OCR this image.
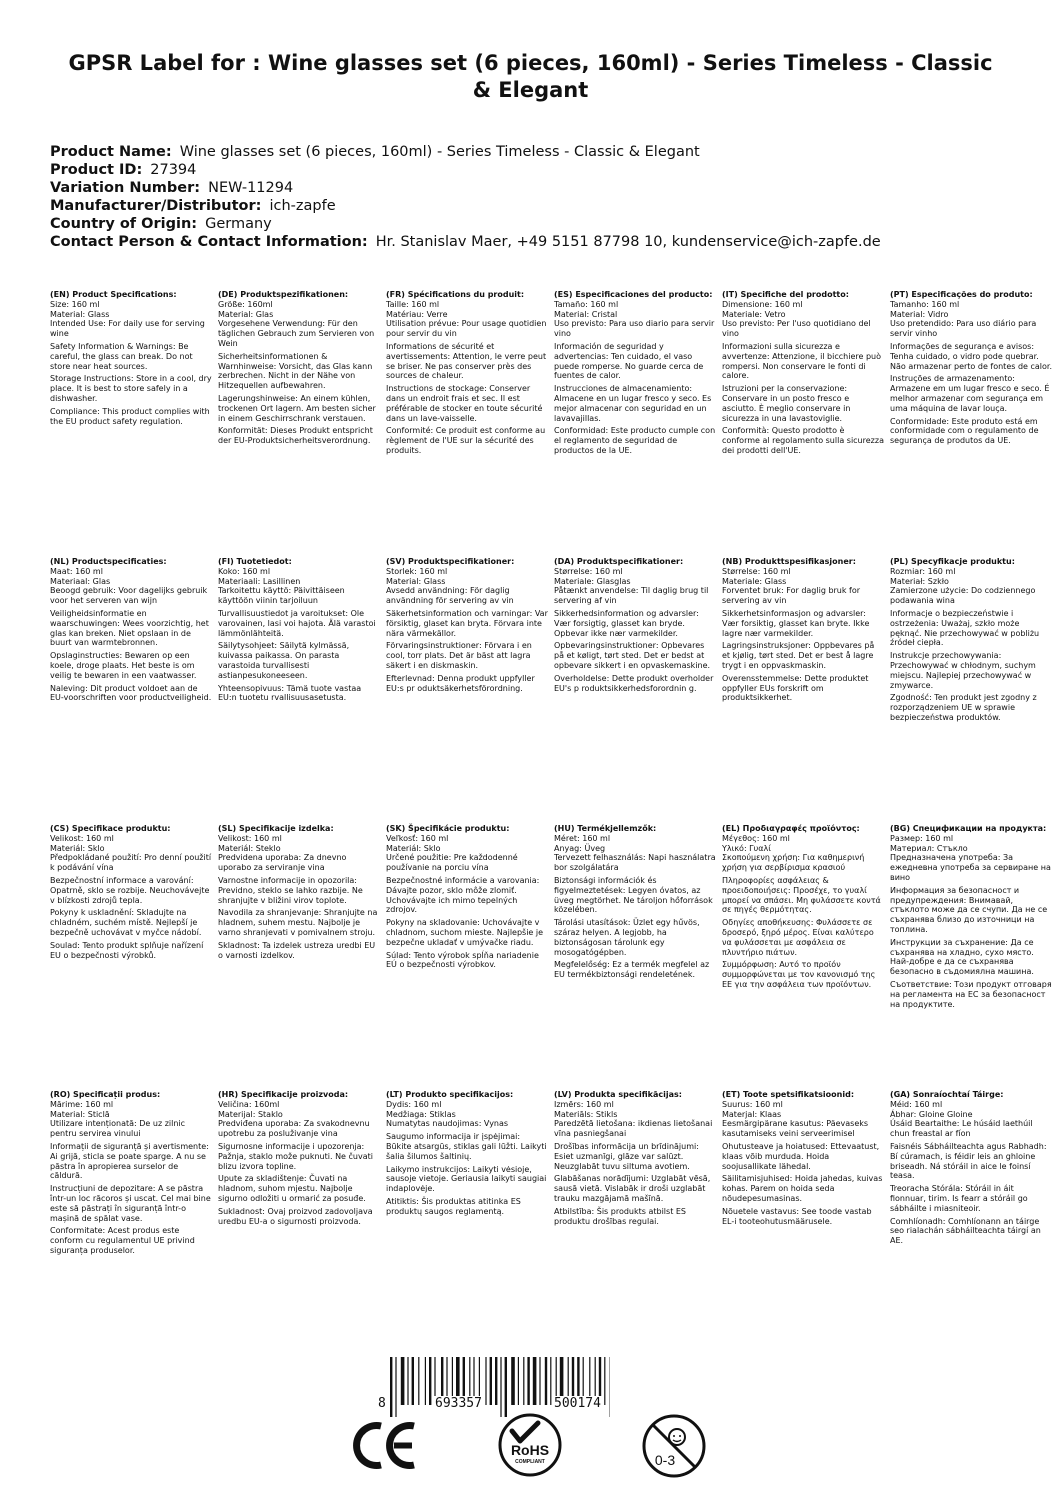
GPSR Label for : Wine glasses set (6 pieces, 160ml) - Series Timeless - Classic & Elegant
Product Name: Wine glasses set (6 pieces, 160ml) - Series Timeless - Classic & Elegant
Product ID: 27394
Variation Number: NEW-11294
Manufacturer/Distributor: ich-zapfe
Country of Origin: Germany
Contact Person & Contact Information: Hr. Stanislav Maer, +49 5151 87798 10, kundenservice@ich-zapfe.de
(EN) Product Specifications:

Size: 160 ml

Material: Glass

Intended Use: For daily use for serving wine

Safety Information & Warnings: Be careful, the glass can break. Do not store near heat sources.

Storage Instructions: Store in a cool, dry place. It is best to store safely in a dishwasher.

Compliance: This product complies with the EU product safety regulation.

(DE) Produktspezifikationen:

Größe: 160ml

Material: Glas

Vorgesehene Verwendung: Für den täglichen Gebrauch zum Servieren von Wein

Sicherheitsinformationen & Warnhinweise: Vorsicht, das Glas kann zerbrechen. Nicht in der Nähe von Hitzequellen aufbewahren.

Lagerungshinweise: An einem kühlen, trockenen Ort lagern. Am besten sicher in einem Geschirrschrank verstauen.

Konformität: Dieses Produkt entspricht der EU-Produktsicherheitsverordnung.

(FR) Spécifications du produit:

Taille: 160 ml

Matériau: Verre

Utilisation prévue: Pour usage quotidien pour servir du vin

Informations de sécurité et avertissements: Attention, le verre peut se briser. Ne pas conserver près des sources de chaleur.

Instructions de stockage: Conserver dans un endroit frais et sec. Il est préférable de stocker en toute sécurité dans un lave-vaisselle.

Conformité: Ce produit est conforme au règlement de l'UE sur la sécurité des produits.

(ES) Especificaciones del producto:

Tamaño: 160 ml

Material: Cristal

Uso previsto: Para uso diario para servir vino

Información de seguridad y advertencias: Ten cuidado, el vaso puede romperse. No guarde cerca de fuentes de calor.

Instrucciones de almacenamiento: Almacene en un lugar fresco y seco. Es mejor almacenar con seguridad en un lavavajillas.

Conformidad: Este producto cumple con el reglamento de seguridad de productos de la UE.

(IT) Specifiche del prodotto:

Dimensione: 160 ml

Materiale: Vetro

Uso previsto: Per l'uso quotidiano del vino

Informazioni sulla sicurezza e avvertenze: Attenzione, il bicchiere può rompersi. Non conservare le fonti di calore.

Istruzioni per la conservazione: Conservare in un posto fresco e asciutto. È meglio conservare in sicurezza in una lavastoviglie.

Conformità: Questo prodotto è conforme al regolamento sulla sicurezza dei prodotti dell'UE.

(PT) Especificações do produto:

Tamanho: 160 ml

Material: Vidro

Uso pretendido: Para uso diário para servir vinho

Informações de segurança e avisos: Tenha cuidado, o vidro pode quebrar. Não armazenar perto de fontes de calor.

Instruções de armazenamento: Armazene em um lugar fresco e seco. É melhor armazenar com segurança em uma máquina de lavar louça.

Conformidade: Este produto está em conformidade com o regulamento de segurança de produtos da UE.

(NL) Productspecificaties:

Maat: 160 ml

Materiaal: Glas

Beoogd gebruik: Voor dagelijks gebruik voor het serveren van wijn

Veiligheidsinformatie en waarschuwingen: Wees voorzichtig, het glas kan breken. Niet opslaan in de buurt van warmtebronnen.

Opslaginstructies: Bewaren op een koele, droge plaats. Het beste is om veilig te bewaren in een vaatwasser.

Naleving: Dit product voldoet aan de EU-voorschriften voor productveiligheid.

(FI) Tuotetiedot:

Koko: 160 ml

Materiaali: Lasillinen

Tarkoitettu käyttö: Päivittäiseen käyttöön viinin tarjoiluun

Turvallisuustiedot ja varoitukset: Ole varovainen, lasi voi hajota. Älä varastoi lämmönlähteitä.

Säilytysohjeet: Säilytä kylmässä, kuivassa paikassa. On parasta varastoida turvallisesti astianpesukoneeseen.

Yhteensopivuus: Tämä tuote vastaa EU:n tuotetu rvallisuusasetusta.

(SV) Produktspecifikationer:

Storlek: 160 ml

Material: Glass

Avsedd användning: För daglig användning för servering av vin

Säkerhetsinformation och varningar: Var försiktig, glaset kan bryta. Förvara inte nära värmekällor.

Förvaringsinstruktioner: Förvara i en cool, torr plats. Det är bäst att lagra säkert i en diskmaskin.

Efterlevnad: Denna produkt uppfyller EU:s pr oduktsäkerhetsförordning.

(DA) Produktspecifikationer:

Størrelse: 160 ml

Materiale: Glasglas

Påtænkt anvendelse: Til daglig brug til servering af vin

Sikkerhedsinformation og advarsler: Vær forsigtig, glasset kan bryde. Opbevar ikke nær varmekilder.

Opbevaringsinstruktioner: Opbevares på et køligt, tørt sted. Det er bedst at opbevare sikkert i en opvaskemaskine.

Overholdelse: Dette produkt overholder EU's p roduktsikkerhedsforordnin g.

(NB) Produkttspesifikasjoner:

Størrelse: 160 ml

Materiale: Glass

Forventet bruk: For daglig bruk for servering av vin

Sikkerhetsinformasjon og advarsler: Vær forsiktig, glasset kan bryte. Ikke lagre nær varmekilder.

Lagringsinstruksjoner: Oppbevares på et kjølig, tørt sted. Det er best å lagre trygt i en oppvaskmaskin.

Overensstemmelse: Dette produktet oppfyller EUs forskrift om produktsikkerhet.

(PL) Specyfikacje produktu:

Rozmiar: 160 ml

Materiał: Szkło

Zamierzone użycie: Do codziennego podawania wina

Informacje o bezpieczeństwie i ostrzeżenia: Uważaj, szkło może pęknąć. Nie przechowywać w pobliżu źródeł ciepła.

Instrukcje przechowywania: Przechowywać w chłodnym, suchym miejscu. Najlepiej przechowywać w zmywarce.

Zgodność: Ten produkt jest zgodny z rozporządzeniem UE w sprawie bezpieczeństwa produktów.

(CS) Specifikace produktu:

Velikost: 160 ml

Materiál: Sklo

Předpokládané použití: Pro denní použití k podávání vína

Bezpečnostní informace a varování: Opatrně, sklo se rozbije. Neuchovávejte v blízkosti zdrojů tepla.

Pokyny k uskladnění: Skladujte na chladném, suchém místě. Nejlepší je bezpečně uchovávat v myčce nádobí.

Soulad: Tento produkt splňuje nařízení EU o bezpečnosti výrobků.

(SL) Specifikacije izdelka:

Velikost: 160 ml

Materiál: Steklo

Predvidena uporaba: Za dnevno uporabo za serviranje vina

Varnostne informacije in opozorila: Previdno, steklo se lahko razbije. Ne shranjujte v bližini virov toplote.

Navodila za shranjevanje: Shranjujte na hladnem, suhem mestu. Najbolje je varno shranjevati v pomivalnem stroju.

Skladnost: Ta izdelek ustreza uredbi EU o varnosti izdelkov.

(SK) Špecifikácie produktu:

Veľkosť: 160 ml

Materiál: Sklo

Určené použitie: Pre každodenné používanie na porciu vína

Bezpečnostné informácie a varovania: Dávajte pozor, sklo môže zlomiť. Uchovávajte ich mimo tepelných zdrojov.

Pokyny na skladovanie: Uchovávajte v chladnom, suchom mieste. Najlepšie je bezpečne ukladať v umývačke riadu.

Súlad: Tento výrobok spĺňa nariadenie EÚ o bezpečnosti výrobkov.

(HU) Termékjellemzők:

Méret: 160 ml

Anyag: Üveg

Tervezett felhasználás: Napi használatra bor szolgálatára

Biztonsági információk és figyelmeztetések: Legyen óvatos, az üveg megtörhet. Ne tároljon hőforrások közelében.

Tárolási utasítások: Üzlet egy hűvös, száraz helyen. A legjobb, ha biztonságosan tárolunk egy mosogatógépben.

Megfelelőség: Ez a termék megfelel az EU termékbiztonsági rendeletének.

(EL) Προδιαγραφές προϊόντος:

Μέγεθος: 160 ml

Υλικό: Γυαλί

Σκοπούμενη χρήση: Για καθημερινή χρήση για σερβίρισμα κρασιού

Πληροφορίες ασφάλειας & προειδοποιήσεις: Προσέχε, το γυαλί μπορεί να σπάσει. Μη φυλάσσετε κοντά σε πηγές θερμότητας.

Οδηγίες αποθήκευσης: Φυλάσσετε σε δροσερό, ξηρό μέρος. Είναι καλύτερο να φυλάσσεται με ασφάλεια σε πλυντήριο πιάτων.

Συμμόρφωση: Αυτό το προϊόν συμμορφώνεται με τον κανονισμό της ΕΕ για την ασφάλεια των προϊόντων.

(BG) Спецификации на продукта:

Размер: 160 ml

Материал: Стъкло

Предназначена употреба: За ежедневна употреба за сервиране на вино

Информация за безопасност и предупреждения: Внимавай, стъклото може да се счупи. Да не се съхранява близо до източници на топлина.

Инструкции за съхранение: Да се съхранява на хладно, сухо място. Най-добре е да се съхранява безопасно в съдомиялна машина.

Съответствие: Този продукт отговаря на регламента на ЕС за безопасност на продуктите.

(RO) Specificații produs:

Mărime: 160 ml

Material: Sticlă

Utilizare intenționată: De uz zilnic pentru servirea vinului

Informații de siguranță și avertismente: Ai grijă, sticla se poate sparge. A nu se păstra în apropierea surselor de căldură.

Instrucțiuni de depozitare: A se păstra într-un loc răcoros și uscat. Cel mai bine este să păstrați în siguranță într-o mașină de spălat vase.

Conformitate: Acest produs este conform cu regulamentul UE privind siguranța produselor.

(HR) Specifikacije proizvoda:

Veličina: 160ml

Materijal: Staklo

Predviđena uporaba: Za svakodnevnu upotrebu za posluživanje vina

Sigurnosne informacije i upozorenja: Pažnja, staklo može puknuti. Ne čuvati blizu izvora topline.

Upute za skladištenje: Čuvati na hladnom, suhom mjestu. Najbolje sigurno odložiti u ormarić za posuđe.

Sukladnost: Ovaj proizvod zadovoljava uredbu EU-a o sigurnosti proizvoda.

(LT) Produkto specifikacijos:

Dydis: 160 ml

Medžiaga: Stiklas

Numatytas naudojimas: Vynas

Saugumo informacija ir įspėjimai: Būkite atsargūs, stiklas gali lūžti. Laikyti šalia šilumos šaltinių.

Laikymo instrukcijos: Laikyti vėsioje, sausoje vietoje. Geriausia laikyti saugiai indaplovėje.

Atitiktis: Šis produktas atitinka ES produktų saugos reglamentą.

(LV) Produkta specifikācijas:

Izmērs: 160 ml

Materiāls: Stikls

Paredzētā lietošana: ikdienas lietošanai vīna pasniegšanai

Drošības informācija un brīdinājumi: Esiet uzmanīgi, glāze var salūzt. Neuzglabāt tuvu siltuma avotiem.

Glabāšanas norādījumi: Uzglabāt vēsā, sausā vietā. Vislabāk ir droši uzglabāt trauku mazgājamā mašīnā.

Atbilstība: Šis produkts atbilst ES produktu drošības regulai.

(ET) Toote spetsifikatsioonid:

Suurus: 160 ml

Materjal: Klaas

Eesmärgipärane kasutus: Päevaseks kasutamiseks veini serveerimisel

Ohutusteave ja hoiatused: Ettevaatust, klaas võib murduda. Hoida soojusallikate lähedal.

Säilitamisjuhised: Hoida jahedas, kuivas kohas. Parem on hoida seda nõudepesumasinas.

Nõuetele vastavus: See toode vastab EL-i tooteohutusmäärusele.

(GA) Sonraíochtaí Táirge:

Méid: 160 ml

Ábhar: Gloine Gloine

Úsáid Beartaithe: Le húsáid laethúil chun freastal ar fíon

Faisnéis Sábháilteachta agus Rabhadh: Bí cúramach, is féidir leis an ghloine briseadh. Ná stóráil in aice le foinsí teasa.

Treoracha Stórála: Stóráil in áit fionnuar, tirim. Is fearr a stóráil go sábháilte i miasniteoir.

Comhlíonadh: Comhlíonann an táirge seo rialachán sábháilteachta táirgí an AE.

8	693357	500174
RoHS
COMPLIANT	0-3
